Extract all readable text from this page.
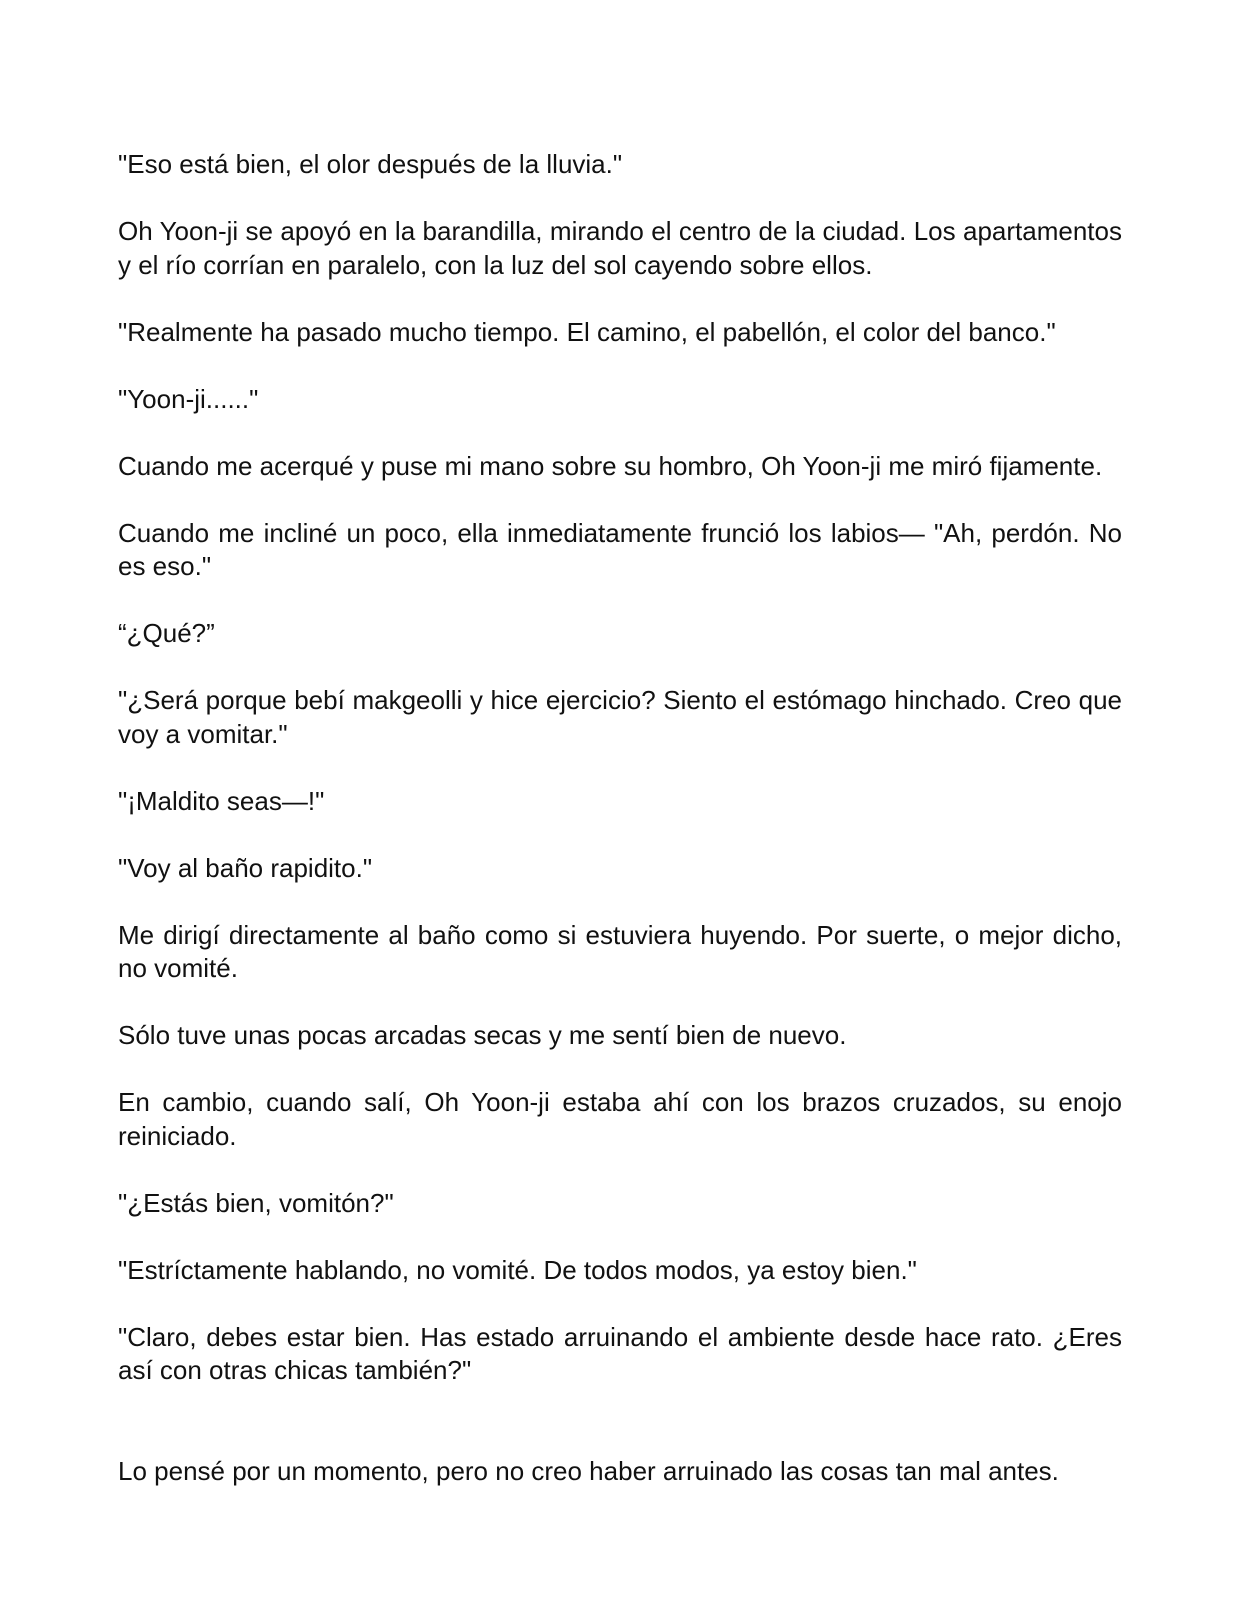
"Eso está bien, el olor después de la lluvia."

Oh Yoon-ji se apoyó en la barandilla, mirando el centro de la ciudad. Los apartamentos y el río corrían en paralelo, con la luz del sol cayendo sobre ellos.

"Realmente ha pasado mucho tiempo. El camino, el pabellón, el color del banco."

"Yoon-ji......"

Cuando me acerqué y puse mi mano sobre su hombro, Oh Yoon-ji me miró fijamente.

Cuando me incliné un poco, ella inmediatamente frunció los labios— "Ah, perdón. No es eso."

“¿Qué?”

"¿Será porque bebí makgeolli y hice ejercicio? Siento el estómago hinchado. Creo que voy a vomitar."

"¡Maldito seas—!"

"Voy al baño rapidito."

Me dirigí directamente al baño como si estuviera huyendo. Por suerte, o mejor dicho, no vomité.

Sólo tuve unas pocas arcadas secas y me sentí bien de nuevo.

En cambio, cuando salí, Oh Yoon-ji estaba ahí con los brazos cruzados, su enojo reiniciado.

"¿Estás bien, vomitón?"

"Estríctamente hablando, no vomité. De todos modos, ya estoy bien."

"Claro, debes estar bien. Has estado arruinando el ambiente desde hace rato. ¿Eres así con otras chicas también?"

Lo pensé por un momento, pero no creo haber arruinado las cosas tan mal antes.
